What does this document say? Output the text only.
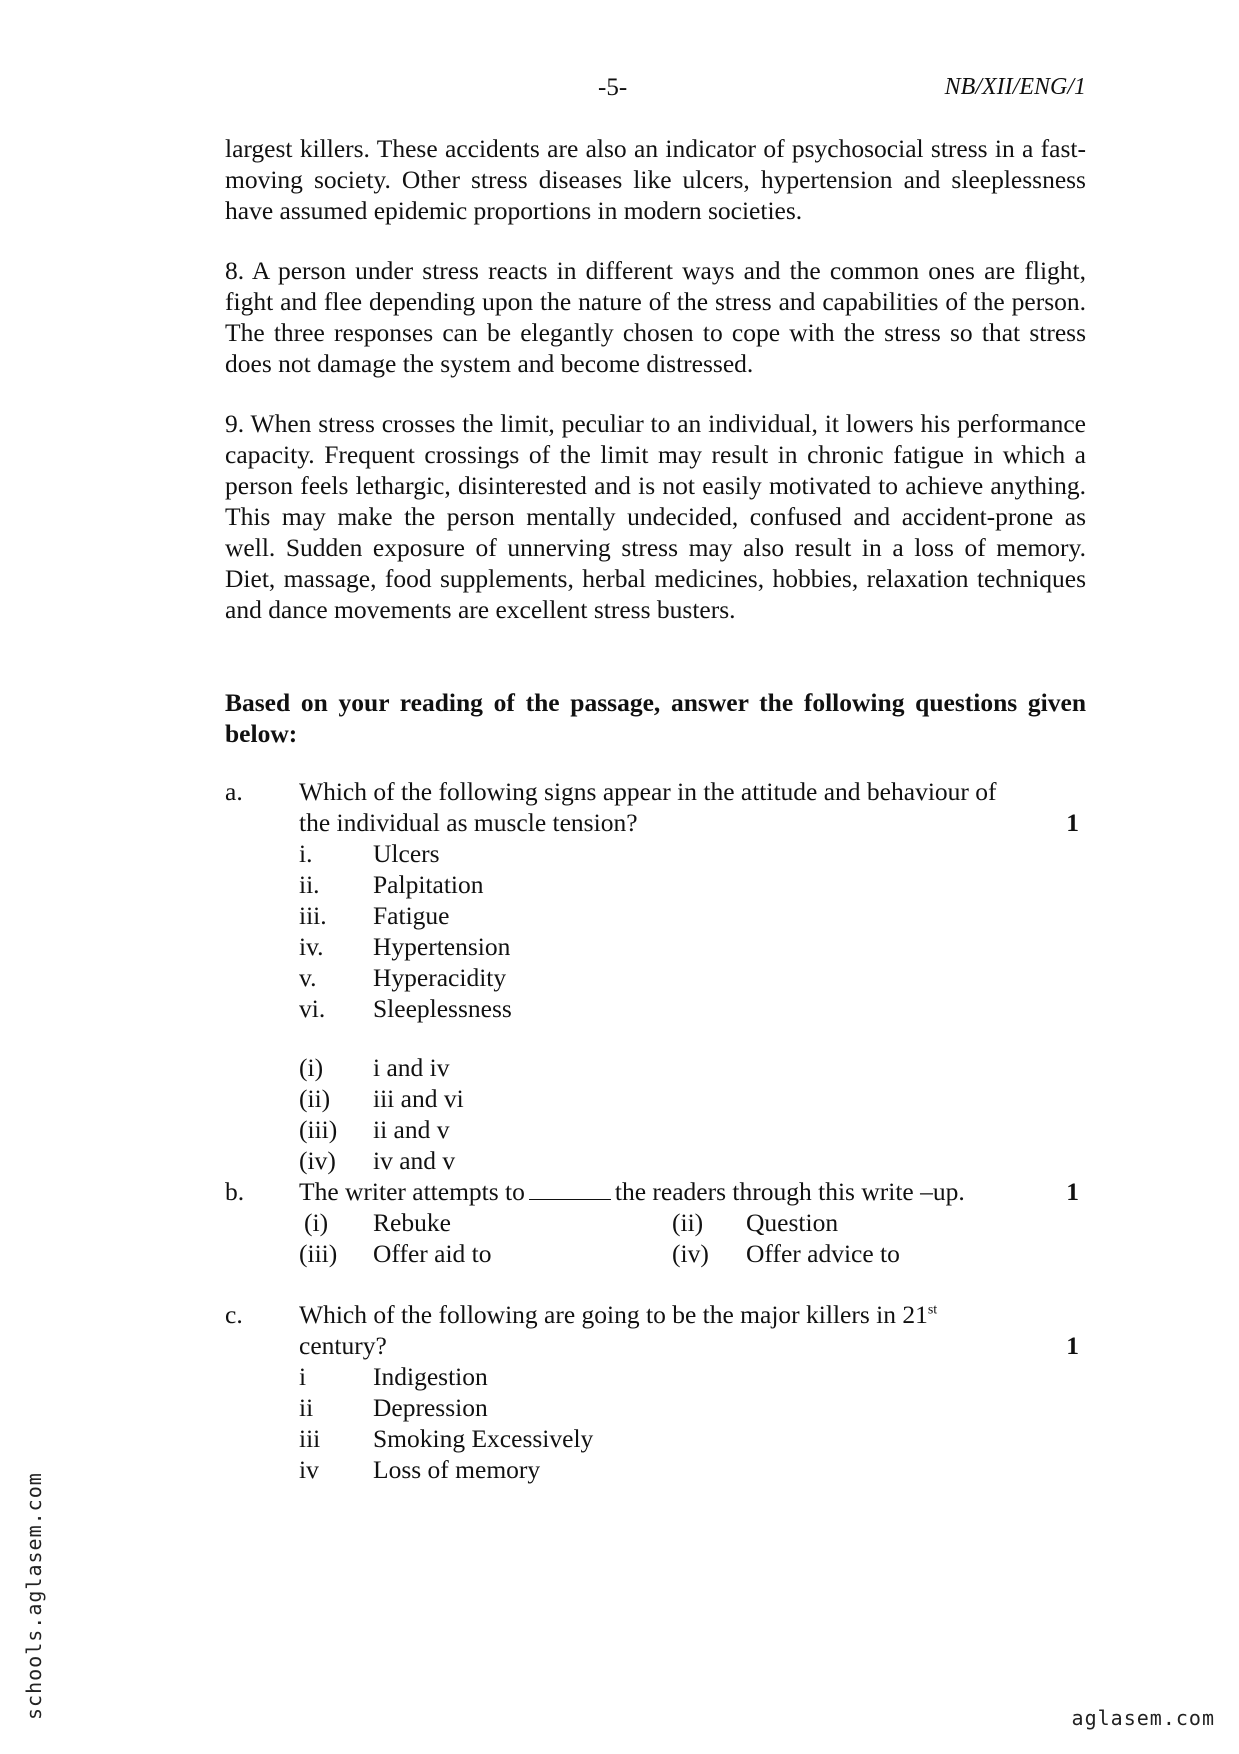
-5-	NB/XII/ENG/1

largest killers. These accidents are also an indicator of psychosocial stress in a fast-moving society. Other stress diseases like ulcers, hypertension and sleeplessness have assumed epidemic proportions in modern societies.

8. A person under stress reacts in different ways and the common ones are flight, fight and flee depending upon the nature of the stress and capabilities of the person. The three responses can be elegantly chosen to cope with the stress so that stress does not damage the system and become distressed.

9. When stress crosses the limit, peculiar to an individual, it lowers his performance capacity. Frequent crossings of the limit may result in chronic fatigue in which a person feels lethargic, disinterested and is not easily motivated to achieve anything. This may make the person mentally undecided, confused and accident-prone as well. Sudden exposure of unnerving stress may also result in a loss of memory. Diet, massage, food supplements, herbal medicines, hobbies, relaxation techniques and dance movements are excellent stress busters.

Based on your reading of the passage, answer the following questions given below:

a. Which of the following signs appear in the attitude and behaviour of the individual as muscle tension?	1
i. Ulcers
ii. Palpitation
iii. Fatigue
iv. Hypertension
v. Hyperacidity
vi. Sleeplessness
(i) i and iv
(ii) iii and vi
(iii) ii and v
(iv) iv and v
b. The writer attempts to	the readers through this write –up.	1
(i) Rebuke	(ii) Question
(iii) Offer aid to	(iv) Offer advice to
c. Which of the following are going to be the major killers in 21st
century?	1
i	Indigestion
ii Depression
iii Smoking Excessively
iv Loss of memory
schools.aglasem.com	aglasem.com
